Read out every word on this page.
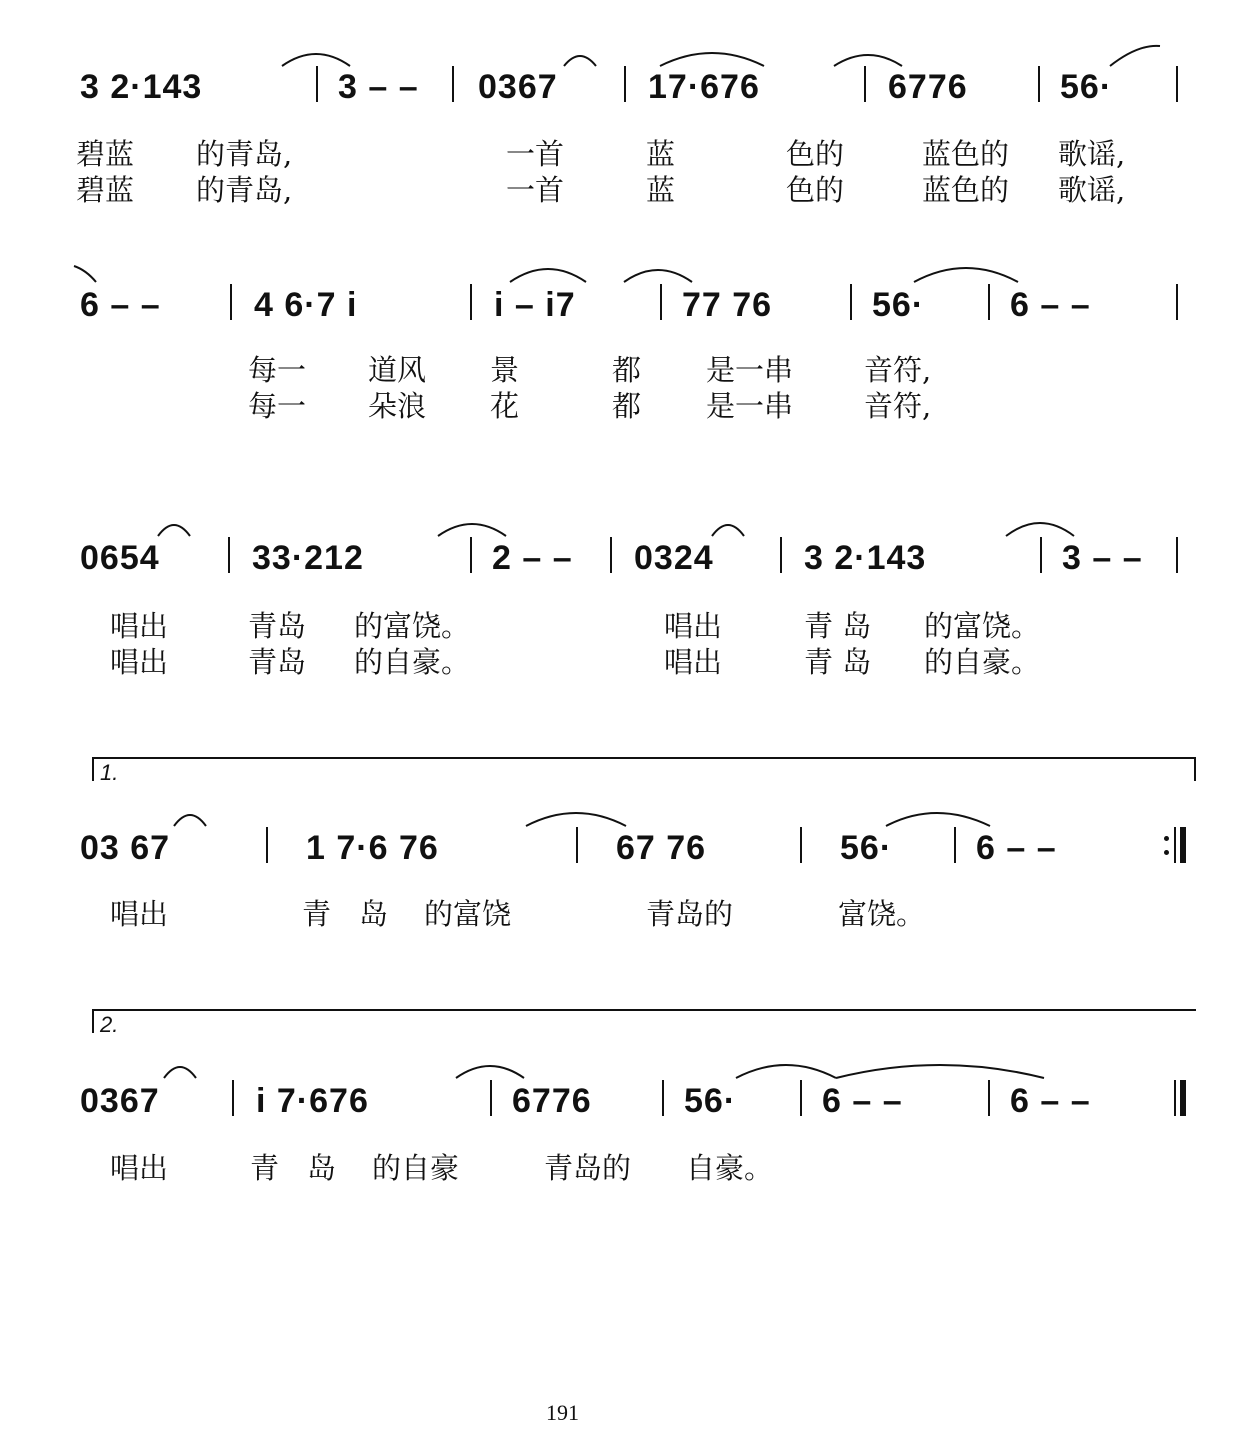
3 2·143	3 – – 0367	17·676	6776	56·
碧蓝 的青岛,	一首	蓝	色的	蓝色的 歌谣,
碧蓝 的青岛,	一首	蓝	色的	蓝色的 歌谣,
6 – –	4 6·7 i	i – i7	77 76	56·	6 – –
每一 道风 景	都 是一串 音符,
每一 朵浪 花	都 是一串 音符,
0654	33·212	2 – – 0324	3 2·143	3 – –
唱出	青岛 的富饶。	唱出	青 岛 的富饶。
唱出	青岛 的自豪。	唱出	青 岛 的自豪。
1.
03 67	1 7·6 76	67 76	56· 6 – –
唱出	青岛 的富饶	青岛的	富饶。
2.
0367	i 7·676	6776	56·	6 – –	6 – –
唱出	青岛 的自豪	青岛的 自豪。
191
